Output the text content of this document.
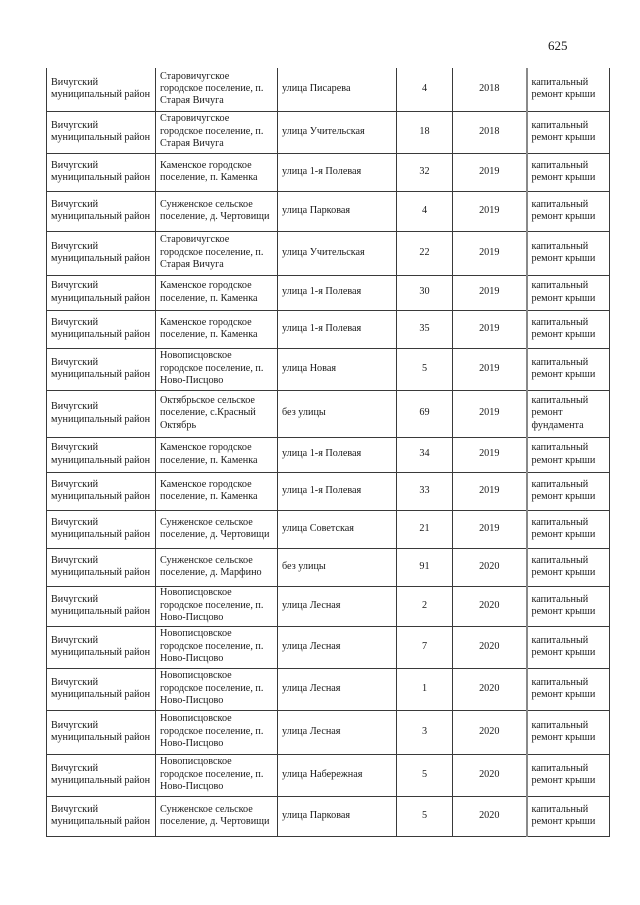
625
Вичугский муниципальный район	Старовичугское городское поселение, п. Старая Вичуга	улица Писарева	4	2018	капитальный ремонт крыши
Вичугский муниципальный район	Старовичугское городское поселение, п. Старая Вичуга	улица Учительская	18	2018	капитальный ремонт крыши
Вичугский муниципальный район	Каменское городское поселение, п. Каменка	улица 1-я Полевая	32	2019	капитальный ремонт крыши
Вичугский муниципальный район	Сунженское сельское поселение, д. Чертовищи	улица Парковая	4	2019	капитальный ремонт крыши
Вичугский муниципальный район	Старовичугское городское поселение, п. Старая Вичуга	улица Учительская	22	2019	капитальный ремонт крыши
Вичугский муниципальный район	Каменское городское поселение, п. Каменка	улица 1-я Полевая	30	2019	капитальный ремонт крыши
Вичугский муниципальный район	Каменское городское поселение, п. Каменка	улица 1-я Полевая	35	2019	капитальный ремонт крыши
Вичугский муниципальный район	Новописцовское городское поселение, п. Ново-Писцово	улица Новая	5	2019	капитальный ремонт крыши
Вичугский муниципальный район	Октябрьское сельское поселение, с.Красный Октябрь	без улицы	69	2019	капитальный ремонт фундамента
Вичугский муниципальный район	Каменское городское поселение, п. Каменка	улица 1-я Полевая	34	2019	капитальный ремонт крыши
Вичугский муниципальный район	Каменское городское поселение, п. Каменка	улица 1-я Полевая	33	2019	капитальный ремонт крыши
Вичугский муниципальный район	Сунженское сельское поселение, д. Чертовищи	улица Советская	21	2019	капитальный ремонт крыши
Вичугский муниципальный район	Сунженское сельское поселение, д. Марфино	без улицы	91	2020	капитальный ремонт крыши
Вичугский муниципальный район	Новописцовское городское поселение, п. Ново-Писцово	улица Лесная	2	2020	капитальный ремонт крыши
Вичугский муниципальный район	Новописцовское городское поселение, п. Ново-Писцово	улица Лесная	7	2020	капитальный ремонт крыши
Вичугский муниципальный район	Новописцовское городское поселение, п. Ново-Писцово	улица Лесная	1	2020	капитальный ремонт крыши
Вичугский муниципальный район	Новописцовское городское поселение, п. Ново-Писцово	улица Лесная	3	2020	капитальный ремонт крыши
Вичугский муниципальный район	Новописцовское городское поселение, п. Ново-Писцово	улица Набережная	5	2020	капитальный ремонт крыши
Вичугский муниципальный район	Сунженское сельское поселение, д. Чертовищи	улица Парковая	5	2020	капитальный ремонт крыши
